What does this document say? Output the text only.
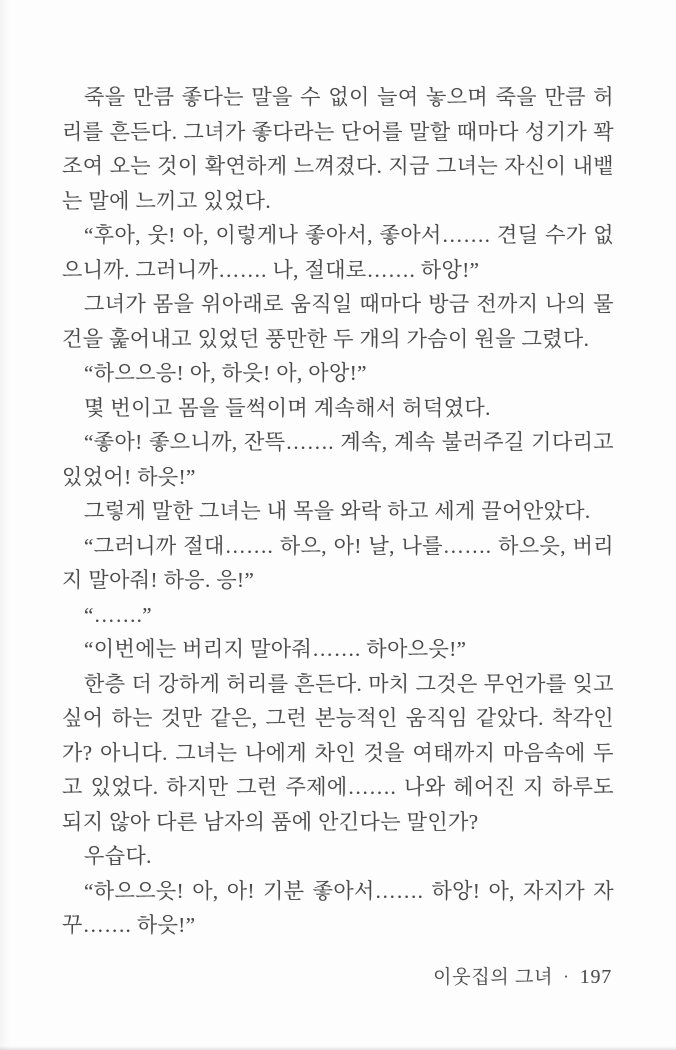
죽을 만큼 좋다는 말을 수 없이 늘여 놓으며 죽을 만큼 허리를 흔든다. 그녀가 좋다라는 단어를 말할 때마다 성기가 꽉 조여 오는 것이 확연하게 느껴졌다. 지금 그녀는 자신이 내뱉는 말에 느끼고 있었다.

“후아, 웃! 아, 이렇게나 좋아서, 좋아서……. 견딜 수가 없으니까. 그러니까……. 나, 절대로……. 하앙!”

그녀가 몸을 위아래로 움직일 때마다 방금 전까지 나의 물건을 훑어내고 있었던 풍만한 두 개의 가슴이 원을 그렸다.

“하으으응! 아, 하읏! 아, 아앙!”

몇 번이고 몸을 들썩이며 계속해서 허덕였다.

“좋아! 좋으니까, 잔뜩……. 계속, 계속 불러주길 기다리고 있었어! 하읏!”

그렇게 말한 그녀는 내 목을 와락 하고 세게 끌어안았다.

“그러니까 절대……. 하으, 아! 날, 나를……. 하으읏, 버리지 말아줘! 하응. 응!”

“…….”

“이번에는 버리지 말아줘……. 하아으읏!”

한층 더 강하게 허리를 흔든다. 마치 그것은 무언가를 잊고 싶어 하는 것만 같은, 그런 본능적인 움직임 같았다. 착각인가? 아니다. 그녀는 나에게 차인 것을 여태까지 마음속에 두고 있었다. 하지만 그런 주제에……. 나와 헤어진 지 하루도 되지 않아 다른 남자의 품에 안긴다는 말인가?

우습다.

“하으으읏! 아, 아! 기분 좋아서……. 하앙! 아, 자지가 자꾸……. 하읏!”

이웃집의 그녀 · 197
